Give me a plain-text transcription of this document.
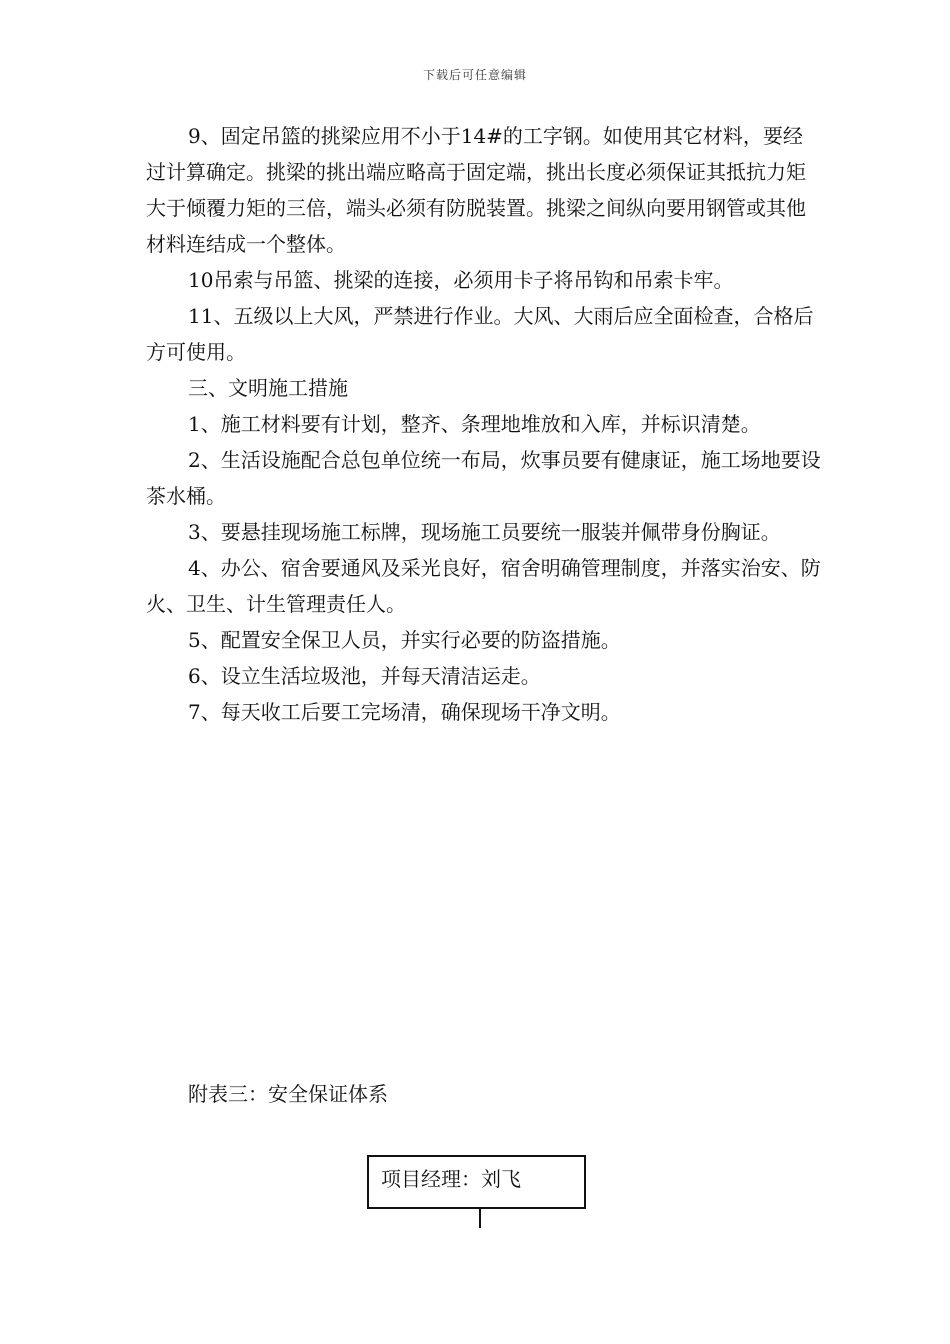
下载后可任意编辑

9、固定吊篮的挑梁应用不小于14#的工字钢。如使用其它材料，要经过计算确定。挑梁的挑出端应略高于固定端，挑出长度必须保证其抵抗力矩大于倾覆力矩的三倍，端头必须有防脱装置。挑梁之间纵向要用钢管或其他材料连结成一个整体。

10吊索与吊篮、挑梁的连接，必须用卡子将吊钩和吊索卡牢。

11、五级以上大风，严禁进行作业。大风、大雨后应全面检查，合格后方可使用。

三、文明施工措施

1、施工材料要有计划，整齐、条理地堆放和入库，并标识清楚。

2、生活设施配合总包单位统一布局，炊事员要有健康证，施工场地要设茶水桶。

3、要悬挂现场施工标牌，现场施工员要统一服装并佩带身份胸证。

4、办公、宿舍要通风及采光良好，宿舍明确管理制度，并落实治安、防火、卫生、计生管理责任人。

5、配置安全保卫人员，并实行必要的防盗措施。

6、设立生活垃圾池，并每天清洁运走。

7、每天收工后要工完场清，确保现场干净文明。

附表三：安全保证体系
项目经理：刘飞
